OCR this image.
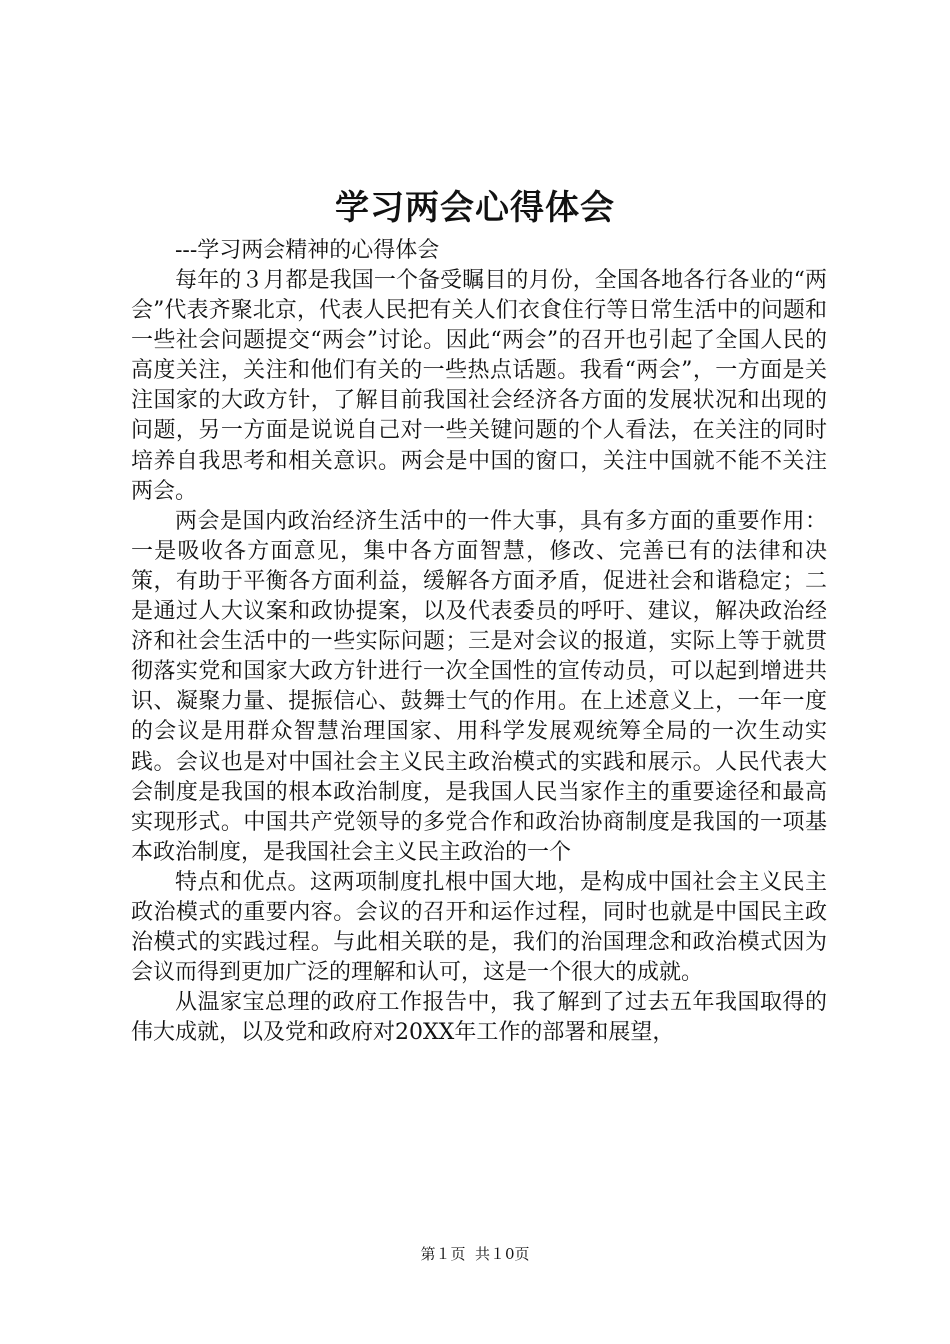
学习两会心得体会
---学习两会精神的心得体会

每年的３月都是我国一个备受瞩目的月份，全国各地各行各业的“两会”代表齐聚北京，代表人民把有关人们衣食住行等日常生活中的问题和一些社会问题提交“两会”讨论。因此“两会”的召开也引起了全国人民的高度关注，关注和他们有关的一些热点话题。我看“两会”，一方面是关注国家的大政方针，了解目前我国社会经济各方面的发展状况和出现的问题，另一方面是说说自己对一些关键问题的个人看法，在关注的同时培养自我思考和相关意识。两会是中国的窗口，关注中国就不能不关注两会。

两会是国内政治经济生活中的一件大事，具有多方面的重要作用：一是吸收各方面意见，集中各方面智慧，修改、完善已有的法律和决策，有助于平衡各方面利益，缓解各方面矛盾，促进社会和谐稳定；二是通过人大议案和政协提案，以及代表委员的呼吁、建议，解决政治经济和社会生活中的一些实际问题；三是对会议的报道，实际上等于就贯彻落实党和国家大政方针进行一次全国性的宣传动员，可以起到增进共识、凝聚力量、提振信心、鼓舞士气的作用。在上述意义上，一年一度的会议是用群众智慧治理国家、用科学发展观统筹全局的一次生动实践。会议也是对中国社会主义民主政治模式的实践和展示。人民代表大会制度是我国的根本政治制度，是我国人民当家作主的重要途径和最高实现形式。中国共产党领导的多党合作和政治协商制度是我国的一项基本政治制度，是我国社会主义民主政治的一个

特点和优点。这两项制度扎根中国大地，是构成中国社会主义民主政治模式的重要内容。会议的召开和运作过程，同时也就是中国民主政治模式的实践过程。与此相关联的是，我们的治国理念和政治模式因为会议而得到更加广泛的理解和认可，这是一个很大的成就。

从温家宝总理的政府工作报告中，我了解到了过去五年我国取得的伟大成就，以及党和政府对20XX年工作的部署和展望，

第１页  共１0页
